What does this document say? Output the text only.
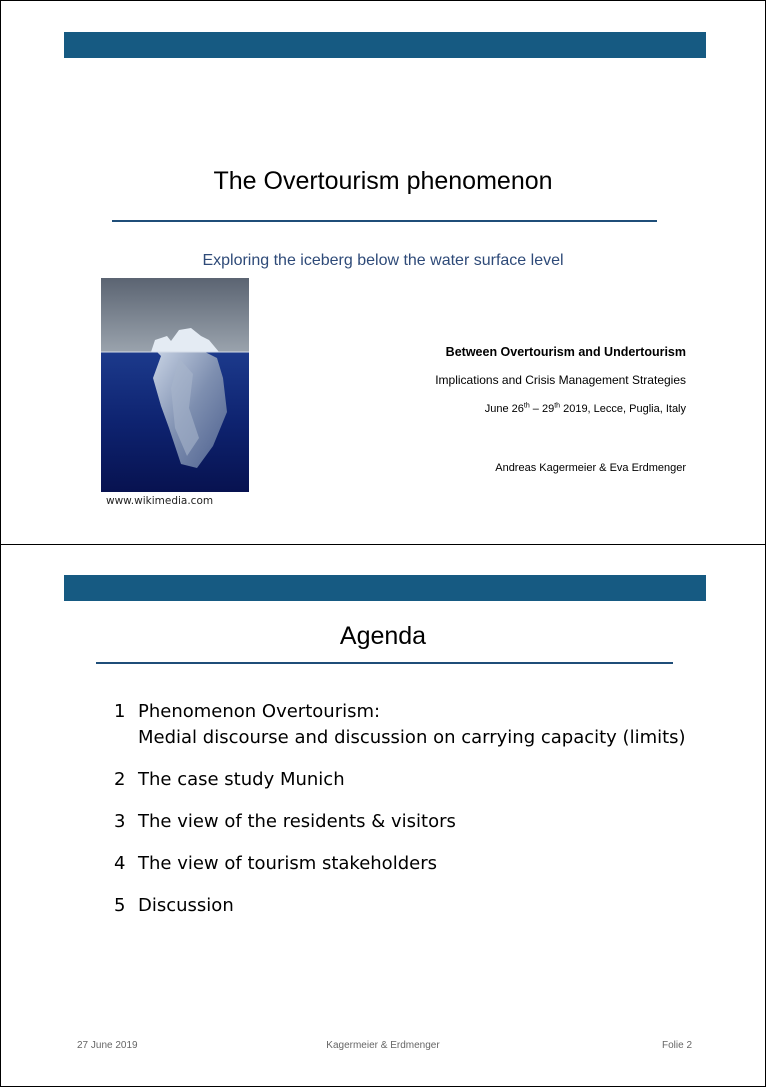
The Overtourism phenomenon
Exploring the iceberg below the water surface level
www.wikimedia.com
Between Overtourism and Undertourism
Implications and Crisis Management Strategies
June 26th – 29th 2019, Lecce, Puglia, Italy
Andreas Kagermeier & Eva Erdmenger
Agenda
1 Phenomenon Overtourism:
Medial discourse and discussion on carrying capacity (limits)
2 The case study Munich
3 The view of the residents & visitors
4 The view of tourism stakeholders
5 Discussion
27 June 2019	Kagermeier & Erdmenger	Folie 2
